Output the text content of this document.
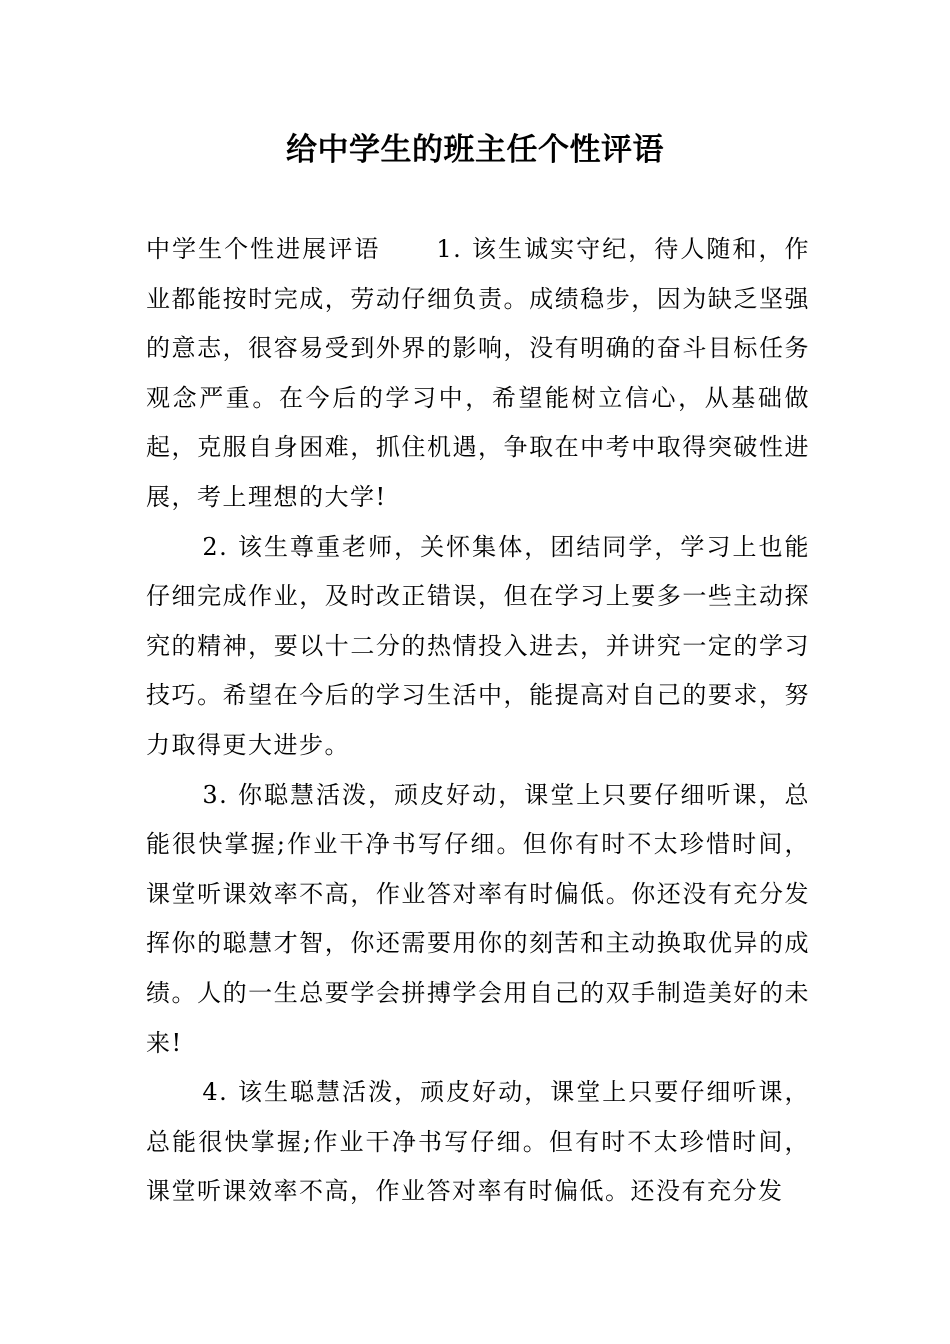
给中学生的班主任个性评语

中学生个性进展评语 1. 该生诚实守纪，待人随和，作业都能按时完成，劳动仔细负责。成绩稳步，因为缺乏坚强的意志，很容易受到外界的影响，没有明确的奋斗目标任务观念严重。在今后的学习中，希望能树立信心，从基础做起，克服自身困难，抓住机遇，争取在中考中取得突破性进展，考上理想的大学!

2. 该生尊重老师，关怀集体，团结同学，学习上也能仔细完成作业，及时改正错误，但在学习上要多一些主动探究的精神，要以十二分的热情投入进去，并讲究一定的学习技巧。希望在今后的学习生活中，能提高对自己的要求，努力取得更大进步。

3. 你聪慧活泼，顽皮好动，课堂上只要仔细听课，总能很快掌握;作业干净书写仔细。但你有时不太珍惜时间，课堂听课效率不高，作业答对率有时偏低。你还没有充分发挥你的聪慧才智，你还需要用你的刻苦和主动换取优异的成绩。人的一生总要学会拼搏学会用自己的双手制造美好的未来!

4. 该生聪慧活泼，顽皮好动，课堂上只要仔细听课，总能很快掌握;作业干净书写仔细。但有时不太珍惜时间，课堂听课效率不高，作业答对率有时偏低。还没有充分发
